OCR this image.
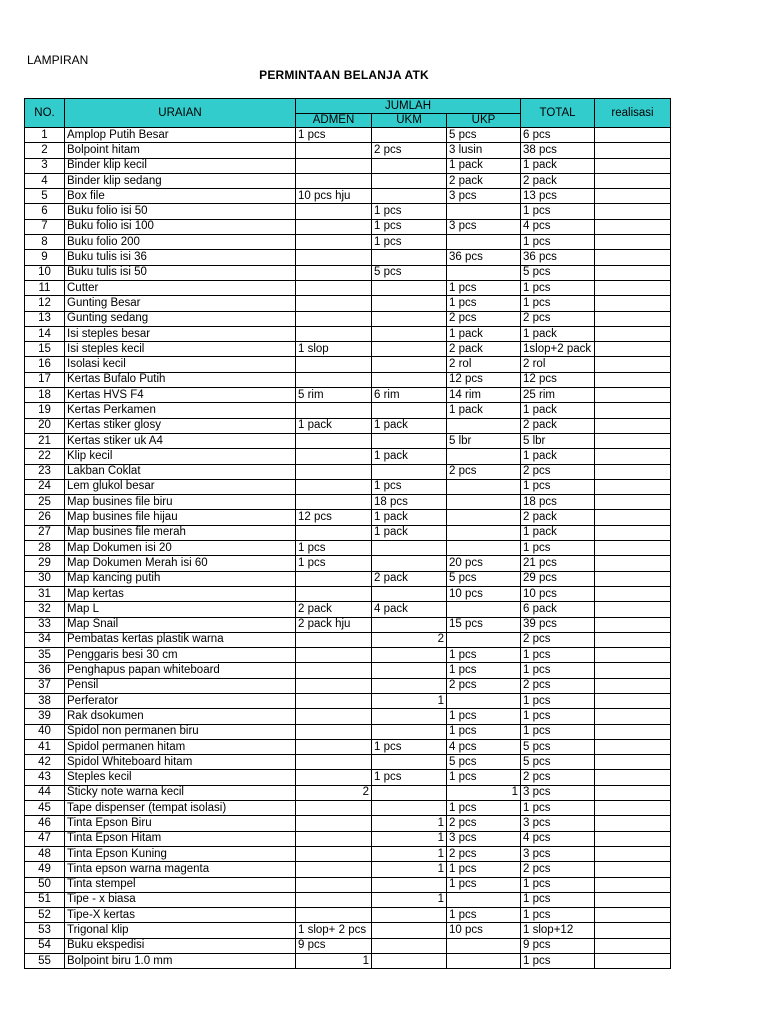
LAMPIRAN
PERMINTAAN BELANJA ATK
NO.	URAIAN	JUMLAH			TOTAL	realisasi
		ADMEN	UKM	UKP		
1	Amplop Putih Besar	1 pcs		5 pcs	6 pcs	
2	Bolpoint hitam		2 pcs	3 lusin	38 pcs	
3	Binder klip kecil			1 pack	1 pack	
4	Binder klip sedang			2 pack	2 pack	
5	Box file	10 pcs hju		3 pcs	13 pcs	
6	Buku folio isi 50		1 pcs		1 pcs	
7	Buku folio isi 100		1 pcs	3 pcs	4 pcs	
8	Buku folio 200		1 pcs		1 pcs	
9	Buku tulis isi 36			36 pcs	36 pcs	
10	Buku tulis isi 50		5 pcs		5 pcs	
11	Cutter			1 pcs	1 pcs	
12	Gunting Besar			1 pcs	1 pcs	
13	Gunting sedang			2 pcs	2 pcs	
14	Isi steples besar			1 pack	1 pack	
15	Isi steples kecil	1 slop		2 pack	1slop+2 pack	
16	Isolasi kecil			2 rol	2 rol	
17	Kertas Bufalo Putih			12 pcs	12 pcs	
18	Kertas HVS F4	5 rim	6 rim	14 rim	25 rim	
19	Kertas Perkamen			1 pack	1 pack	
20	Kertas stiker glosy	1 pack	1 pack		2 pack	
21	Kertas stiker uk A4			5 lbr	5 lbr	
22	Klip kecil		1 pack		1 pack	
23	Lakban Coklat			2 pcs	2 pcs	
24	Lem glukol besar		1 pcs		1 pcs	
25	Map busines file biru		18 pcs		18 pcs	
26	Map busines file hijau	12 pcs	1 pack		2 pack	
27	Map busines file merah		1 pack		1 pack	
28	Map Dokumen isi 20	1 pcs			1 pcs	
29	Map Dokumen Merah isi 60	1 pcs		20 pcs	21 pcs	
30	Map kancing putih		2 pack	5 pcs	29 pcs	
31	Map kertas			10 pcs	10 pcs	
32	Map L	2 pack	4 pack		6 pack	
33	Map Snail	2 pack hju		15 pcs	39 pcs	
34	Pembatas kertas plastik warna		2		2 pcs	
35	Penggaris besi 30 cm			1 pcs	1 pcs	
36	Penghapus papan whiteboard			1 pcs	1 pcs	
37	Pensil			2 pcs	2 pcs	
38	Perferator		1		1 pcs	
39	Rak dsokumen			1 pcs	1 pcs	
40	Spidol non permanen biru			1 pcs	1 pcs	
41	Spidol permanen hitam		1 pcs	4 pcs	5 pcs	
42	Spidol Whiteboard hitam			5 pcs	5 pcs	
43	Steples kecil		1 pcs	1 pcs	2 pcs	
44	Sticky note warna kecil	2		1	3 pcs	
45	Tape dispenser (tempat isolasi)			1 pcs	1 pcs	
46	Tinta Epson Biru		1	2 pcs	3 pcs	
47	Tinta Epson Hitam		1	3 pcs	4 pcs	
48	Tinta Epson Kuning		1	2 pcs	3 pcs	
49	Tinta epson warna magenta		1	1 pcs	2 pcs	
50	Tinta stempel			1 pcs	1 pcs	
51	Tipe - x biasa		1		1 pcs	
52	Tipe-X kertas			1 pcs	1 pcs	
53	Trigonal klip	1 slop+ 2 pcs		10 pcs	1 slop+12	
54	Buku ekspedisi	9 pcs			9 pcs	
55	Bolpoint biru 1.0 mm	1			1 pcs	
